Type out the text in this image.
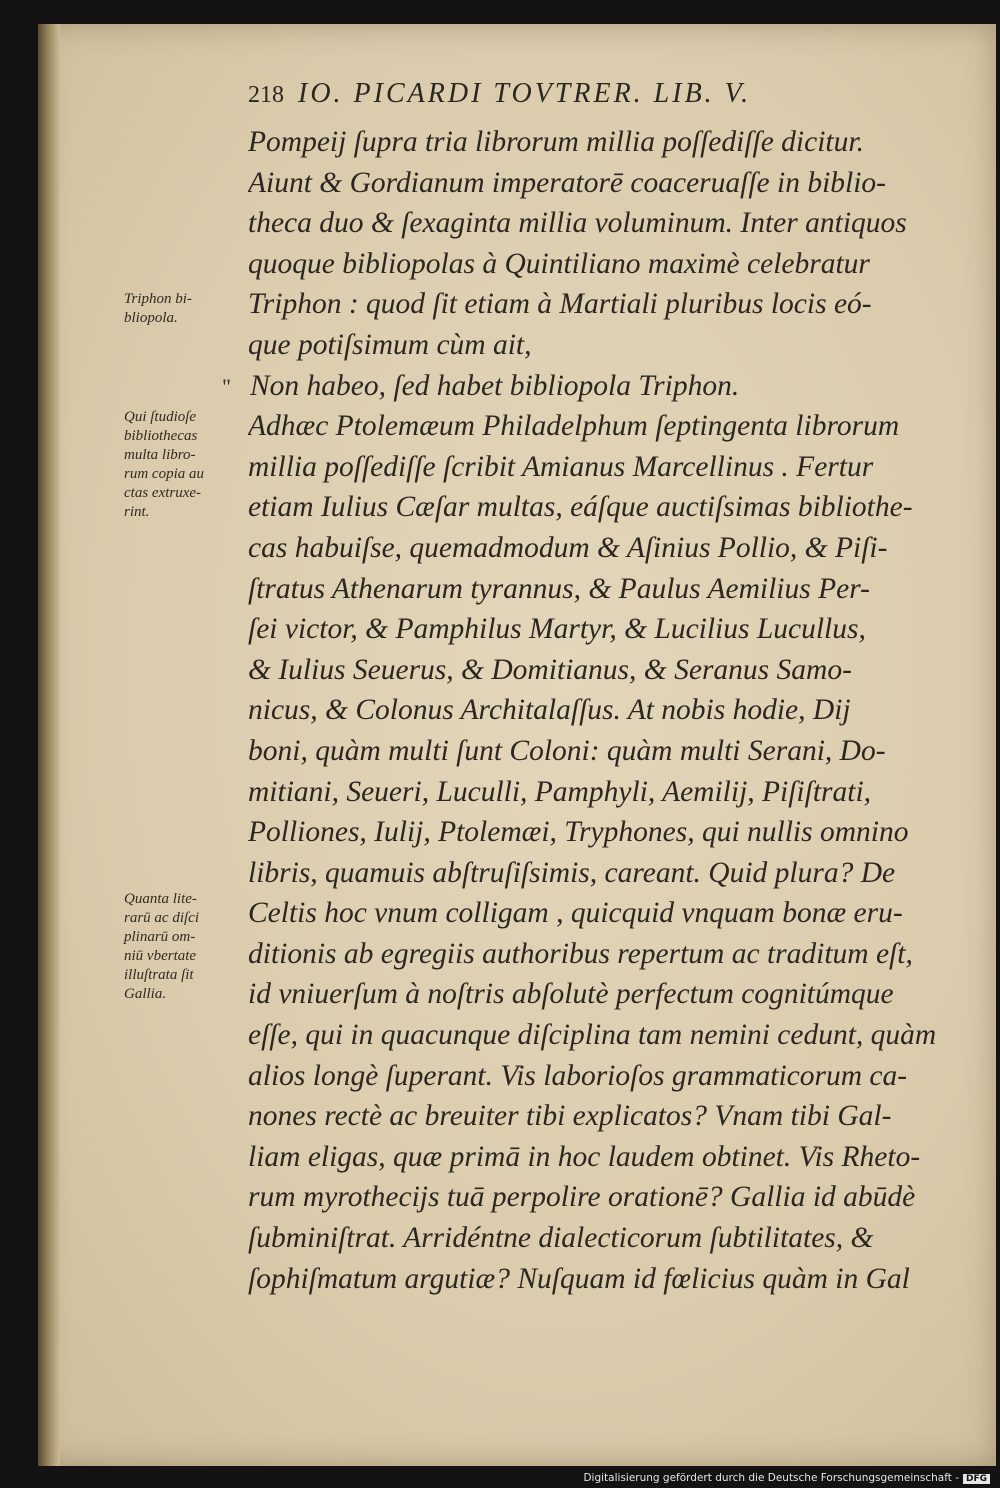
218 IO. PICARDI TOVTRER. LIB. V.
Pompeij ſupra tria librorum millia poſſediſſe dicitur.
Aiunt & Gordianum imperatorē coaceruaſſe in biblio-
theca duo & ſexaginta millia voluminum. Inter antiquos
quoque bibliopolas à Quintiliano maximè celebratur
Triphon : quod ſit etiam à Martiali pluribus locis eó-
que potiſsimum cùm ait,
Non habeo, ſed habet bibliopola Triphon.
Adhæc Ptolemæum Philadelphum ſeptingenta librorum
millia poſſediſſe ſcribit Amianus Marcellinus . Fertur
etiam Iulius Cæſar multas, eáſque auctiſsimas bibliothe-
cas habuiſse, quemadmodum & Aſinius Pollio, & Piſi-
ſtratus Athenarum tyrannus, & Paulus Aemilius Per-
ſei victor, & Pamphilus Martyr, & Lucilius Lucullus,
& Iulius Seuerus, & Domitianus, & Seranus Samo-
nicus, & Colonus Architalaſſus. At nobis hodie, Dij
boni, quàm multi ſunt Coloni: quàm multi Serani, Do-
mitiani, Seueri, Luculli, Pamphyli, Aemilij, Piſiſtrati,
Polliones, Iulij, Ptolemæi, Tryphones, qui nullis omnino
libris, quamuis abſtruſiſsimis, careant. Quid plura? De
Celtis hoc vnum colligam , quicquid vnquam bonæ eru-
ditionis ab egregiis authoribus repertum ac traditum eſt,
id vniuerſum à noſtris abſolutè perfectum cognitúmque
eſſe, qui in quacunque diſciplina tam nemini cedunt, quàm
alios longè ſuperant. Vis laborioſos grammaticorum ca-
nones rectè ac breuiter tibi explicatos? Vnam tibi Gal-
liam eligas, quæ primā in hoc laudem obtinet. Vis Rheto-
rum myrothecijs tuā perpolire orationē? Gallia id abūdè
ſubminiſtrat. Arridéntne dialecticorum ſubtilitates, &
ſophiſmatum argutiæ? Nuſquam id fœlicius quàm in Gal
"
Triphon bi-
bliopola.
Qui ſtudioſe
bibliothecas
multa libro-
rum copia au
ctas extruxe-
rint.
Quanta lite-
rarū ac diſci
plinarū om-
niū vbertate
illuſtrata ſit
Gallia.
Digitalisierung gefördert durch die Deutsche Forschungsgemeinschaft - DFG
